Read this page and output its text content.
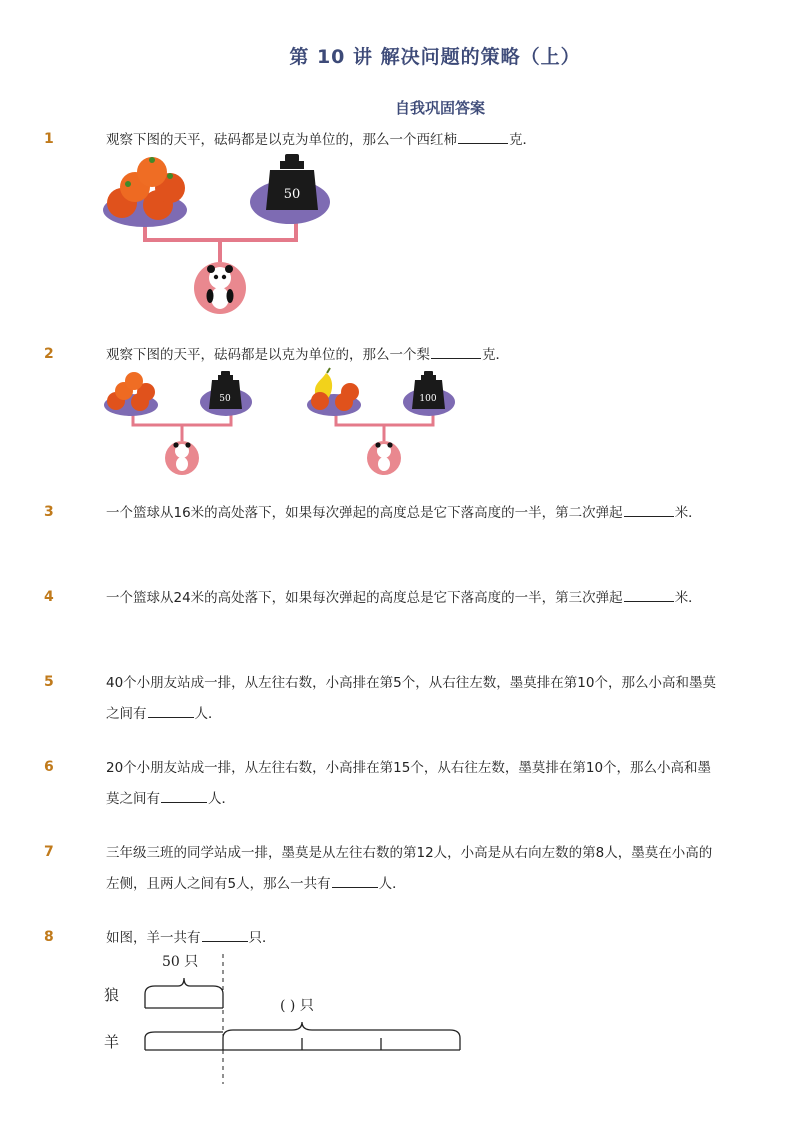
第 10 讲 解决问题的策略（上）
自我巩固答案
1	观察下图的天平，砝码都是以克为单位的，那么一个西红柿	克．
50
2	观察下图的天平，砝码都是以克为单位的，那么一个梨	克．
50	100
3	一个篮球从16米的高处落下，如果每次弹起的高度总是它下落高度的一半，第二次弹起	米．
4	一个篮球从24米的高处落下，如果每次弹起的高度总是它下落高度的一半，第三次弹起	米．
5	40个小朋友站成一排，从左往右数，小高排在第5个，从右往左数，墨莫排在第10个，那么小高和墨莫之间有	人．
6	20个小朋友站成一排，从左往右数，小高排在第15个，从右往左数，墨莫排在第10个，那么小高和墨莫之间有	人．
7	三年级三班的同学站成一排，墨莫是从左往右数的第12人，小高是从右向左数的第8人，墨莫在小高的左侧，且两人之间有5人，那么一共有	人．
8	如图，羊一共有	只．
50 只
狼
( ) 只
羊
